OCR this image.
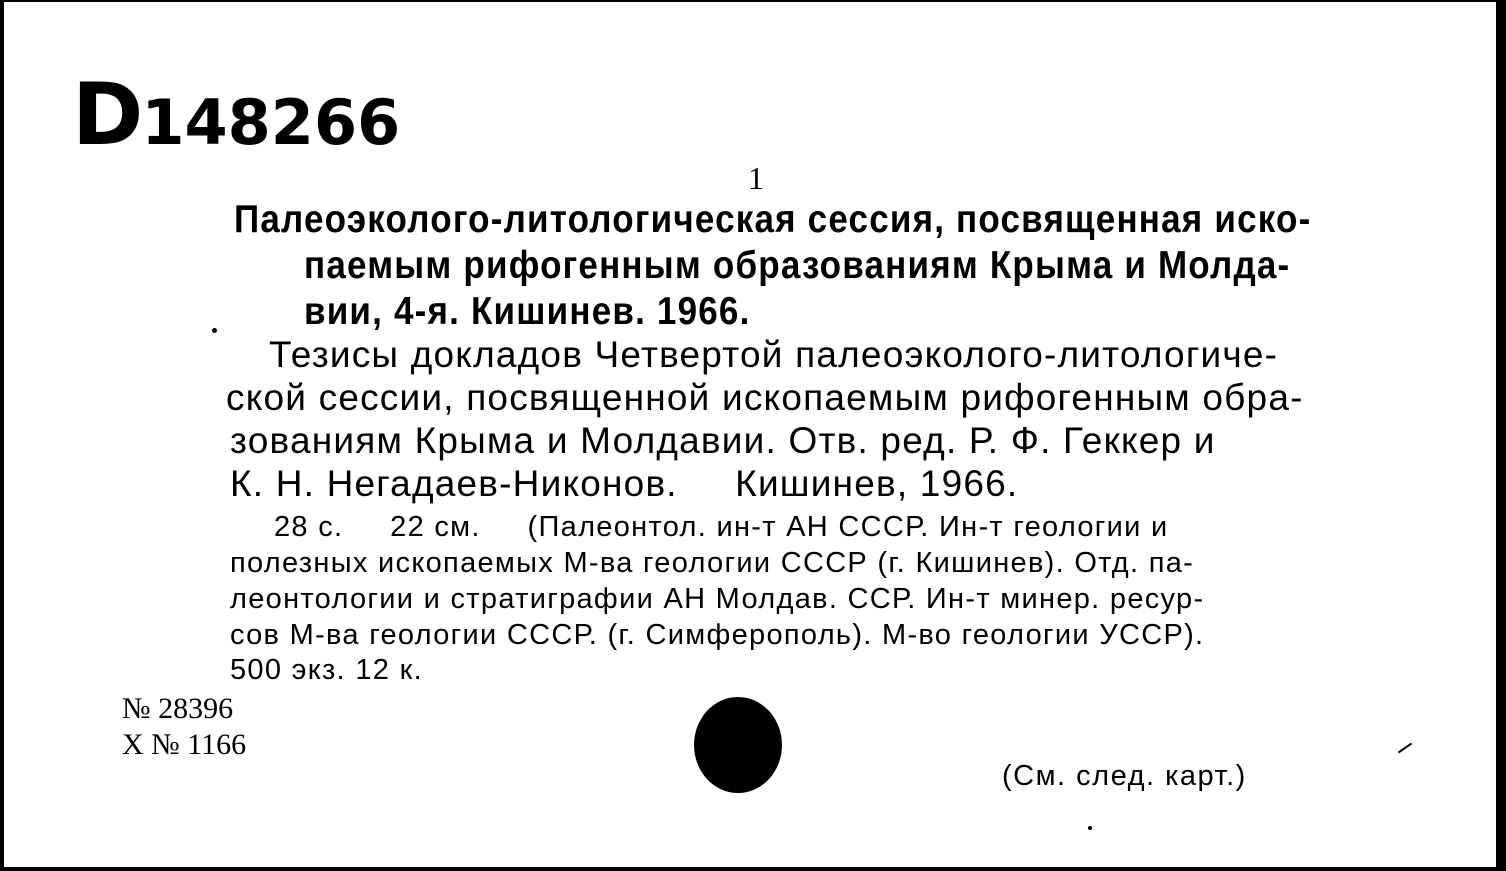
D148266
1
Палеоэколого-литологическая сессия, посвященная иско-
паемым рифогенным образованиям Крыма и Молда-
вии, 4-я. Кишинев. 1966.
Тезисы докладов Четвертой палеоэколого-литологиче-
ской сессии, посвященной ископаемым рифогенным обра-
зованиям Крыма и Молдавии. Отв. ред. Р. Ф. Геккер и
К. Н. Негадаев-Никонов.     Кишинев, 1966.
28 с.     22 см.     (Палеонтол. ин-т АН СССР. Ин-т геологии и
полезных ископаемых М-ва геологии СССР (г. Кишинев). Отд. па-
леонтологии и стратиграфии АН Молдав. ССР. Ин-т минер. ресур-
сов М-ва геологии СССР. (г. Симферополь). М-во геологии УССР).
500 экз. 12 к.
№ 28396
X № 1166
(См. след. карт.)
